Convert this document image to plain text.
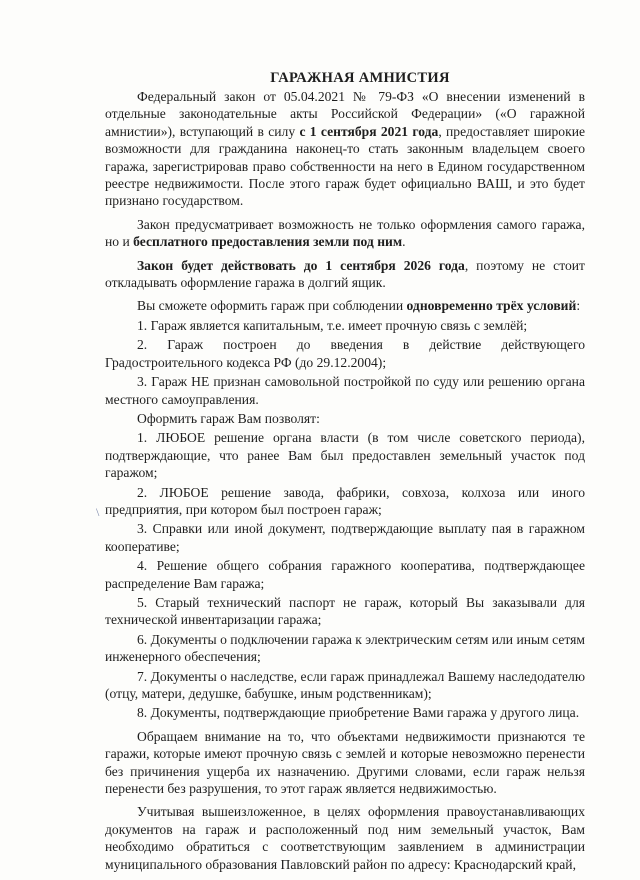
ГАРАЖНАЯ АМНИСТИЯ

Федеральный закон от 05.04.2021 № 79-ФЗ «О внесении изменений в отдельные законодательные акты Российской Федерации» («О гаражной амнистии»), вступающий в силу с 1 сентября 2021 года, предоставляет широкие возможности для гражданина наконец-то стать законным владельцем своего гаража, зарегистрировав право собственности на него в Едином государственном реестре недвижимости. После этого гараж будет официально ВАШ, и это будет признано государством.

Закон предусматривает возможность не только оформления самого гаража, но и бесплатного предоставления земли под ним.

Закон будет действовать до 1 сентября 2026 года, поэтому не стоит откладывать оформление гаража в долгий ящик.

Вы сможете оформить гараж при соблюдении одновременно трёх условий:

1. Гараж является капитальным, т.е. имеет прочную связь с землёй;

2. Гараж построен до введения в действие действующего Градостроительного кодекса РФ (до 29.12.2004);

3. Гараж НЕ признан самовольной постройкой по суду или решению органа местного самоуправления.

Оформить гараж Вам позволят:

1. ЛЮБОЕ решение органа власти (в том числе советского периода), подтверждающие, что ранее Вам был предоставлен земельный участок под гаражом;

2. ЛЮБОЕ решение завода, фабрики, совхоза, колхоза или иного предприятия, при котором был построен гараж;

3. Справки или иной документ, подтверждающие выплату пая в гаражном кооперативе;

4. Решение общего собрания гаражного кооператива, подтверждающее распределение Вам гаража;

5. Старый технический паспорт не гараж, который Вы заказывали для технической инвентаризации гаража;

6. Документы о подключении гаража к электрическим сетям или иным сетям инженерного обеспечения;

7. Документы о наследстве, если гараж принадлежал Вашему наследодателю (отцу, матери, дедушке, бабушке, иным родственникам);

8. Документы, подтверждающие приобретение Вами гаража у другого лица.

Обращаем внимание на то, что объектами недвижимости признаются те гаражи, которые имеют прочную связь с землей и которые невозможно перенести без причинения ущерба их назначению. Другими словами, если гараж нельзя перенести без разрушения, то этот гараж является недвижимостью.

Учитывая вышеизложенное, в целях оформления правоустанавливающих документов на гараж и расположенный под ним земельный участок, Вам необходимо обратиться с соответствующим заявлением в администрации муниципального образования Павловский район по адресу: Краснодарский край,

\
